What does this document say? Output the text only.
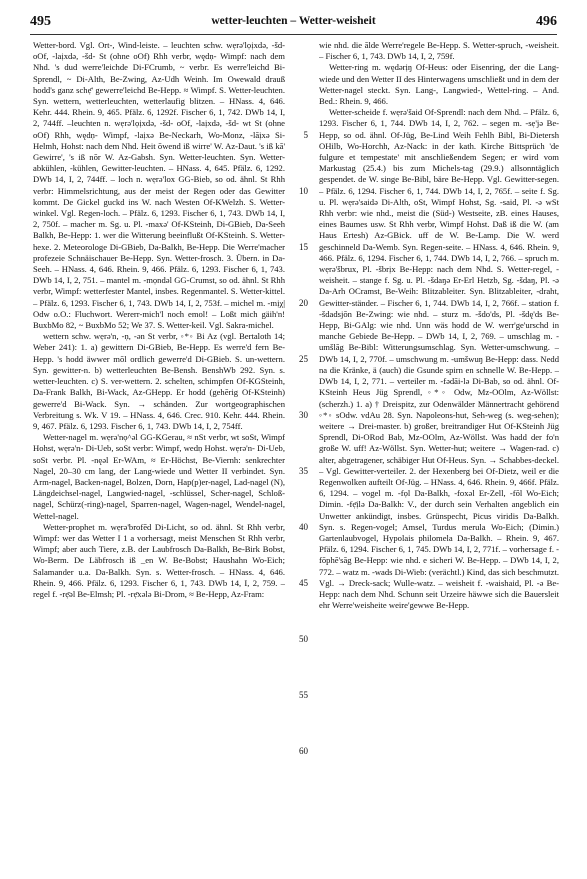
495	wetter-leuchten – Wetter-weisheit	496

Wetter-bord. Vgl. Ort-, Wind-leiste. – leuchten schw. wẹrə'lọịxdə, -šd- oOf, -laịxdə, -šd- St (ohne oOf) Rhh verbr, wędṇ- Wimpf: nach dem Nhd. 's dud werre'leichde Di-FCrumb, ~ verbr. Es werre'leichd Bi-Sprendl, ~ Di-Alth, Be-Zwing, Az-Udh Weinh. Im Owewald drauß hodd's ganz schẹ̄' gewerre'leichd Be-Hepp. ≈ Wimpf. S. Wetter-leuchten. Syn. wettern, wetterleuchten, wetterlaufig blitzen. – HNass. 4, 646. Kehr. 444. Rhein. 9, 465. Pfälz. 6, 1292f. Fischer 6, 1, 742. DWb 14, I, 2, 744ff. –leuchten n. wẹrə'lọịxdə, -šd- oOf, -laịxdə, -šd- wt St (ohne oOf) Rhh, wędṇ- Wimpf, -laịxə Be-Neckarh, Wo-Monz, -lāịxə Si-Helmh, Hohst: nach dem Nhd. Heit ōwend iß wirre' W. Az-Daut. 's iß kā' Gewirre', 's iß nōr W. Az-Gabsh. Syn. Wetter-leuchten. Syn. Wetter-abkühlen, -kühlen, Gewitter-leuchten. – HNass. 4, 645. Pfälz. 6, 1292. DWb 14, I, 2, 744ff. – loch n. wẹrə'lox GG-Bieb, so od. ähnl. St Rhh verbr: Himmelsrichtung, aus der meist der Regen oder das Gewitter kommt. De Gickel guckd ins W. nach Westen Of-KWelzh. S. Wetter-winkel. Vgl. Regen-loch. – Pfälz. 6, 1293. Fischer 6, 1, 743. DWb 14, I, 2, 750f. – macher m. Sg. u. Pl. -maxə' Of-KSteinh, Di-GBieb, Da-Seeh Balkh, Be-Hepp: 1. wer die Witterung beeinflußt Of-KSteinh. S. Wetter-hexe. 2. Meteorologe Di-GBieb, Da-Balkh, Be-Hepp. Die Werre'macher profezeie Schnäischauer Be-Hepp. Syn. Wetter-frosch. 3. Übern. in Da-Seeh. – HNass. 4, 646. Rhein. 9, 466. Pfälz. 6, 1293. Fischer 6, 1, 743. DWb 14, I, 2, 751. – mantel m. -mọndəl GG-Crumst, so od. ähnl. St Rhh verbr, Wimpf: wetterfester Mantel, insbes. Regenmantel. S. Wetter-kittel. – Pfälz. 6, 1293. Fischer 6, 1, 743. DWb 14, I, 2, 753f. – michel m. -mịχ| Odw o.O.: Fluchwort. Wererr-mich'l noch emol! – Loßt mich gäih'n! BuxbMo 82, ~ BuxbMo 52; We 37. S. Wetter-keil. Vgl. Sakra-michel.

wettern schw. wẹrə'n, -ṇ, -ən St verbr, ◦*◦ Bi Az (vgl. Bertaloth 14; Weber 241): 1. a) gewittern Di-GBieb, Be-Hepp. Es werre'd fern Be-Hepp. 's hodd äwwer mōl ordlich gewerre'd Di-GBieb. S. un-wettern. Syn. gewitter-n. b) wetterleuchten Be-Bensh. BenshWb 292. Syn. s. wetter-leuchten. c) S. ver-wettern. 2. schelten, schimpfen Of-KGSteinh, Da-Frank Balkh, Bi-Wack, Az-GHepp. Er hodd (gehērig Of-KSteinh) gewerre'd Bi-Wack. Syn. → schänden. Zur wortgeographischen Verbreitung s. Wk. V 19. – HNass. 4, 646. Crec. 910. Kehr. 444. Rhein. 9, 467. Pfälz. 6, 1293. Fischer 6, 1, 743. DWb 14, I, 2, 754ff.

Wetter-nagel m. wẹrə'nọ^əl GG-KGerau, ≈ nSt verbr, wt soSt, Wimpf Hohst, wẹrə'n- Di-Ueb, soSt verbr: Wimpf, wedṇ Hohst. wẹrə'n- Di-Ueb, soSt verbr. Pl. -nęəl Er-WAm, ≈ Er-Höchst, Be-Viernh: senkrechter Nagel, 20–30 cm lang, der Lang-wiede und Wetter II verbindet. Syn. Arm-nagel, Backen-nagel, Bolzen, Dorn, Hap(p)er-nagel, Lad-nagel (N), Längdeichsel-nagel, Langwied-nagel, -schlüssel, Scher-nagel, Schloß-nagel, Schürz(-ring)-nagel, Sparren-nagel, Wagen-nagel, Wendel-nagel, Wettel-nagel.

Wetter-prophet m. wẹrə'brofēd Di-Licht, so od. ähnl. St Rhh verbr, Wimpf: wer das Wetter I 1 a vorhersagt, meist Menschen St Rhh verbr, Wimpf; aber auch Tiere, z.B. der Laubfrosch Da-Balkh, Be-Birk Bobst, Wo-Berm. De Läbfrosch iß _en W. Be-Bobst; Haushahn Wo-Eich; Salamander u.a. Da-Balkh. Syn. s. Wetter-frosch. – HNass. 4, 646. Rhein. 9, 466. Pfälz. 6, 1293. Fischer 6, 1, 743. DWb 14, I, 2, 759. – regel f. -rẹ̄əl Be-Elmsh; Pl. -rẹ̄xələ Bi-Drom, ≈ Be-Hepp, Az-Fram:

5
10
15
20
25
30
35
40
45
50
55
60

wie nhd. die ālde Werre'regele Be-Hepp. S. Wetter-spruch, -weisheit. – Fischer 6, 1, 743. DWb 14, I, 2, 759f.

Wetter-ring m. wędərịŋ Of-Heus: oder Eisenring, der die Lang-wiede und den Wetter II des Hinterwagens umschließt und in dem der Wetter-nagel steckt. Syn. Lang-, Langwied-, Wettel-ring. – And. Bed.: Rhein. 9, 466.

Wetter-scheide f. wẹrə'šaid Of-Sprendl: nach dem Nhd. – Pfälz. 6, 1293. Fischer 6, 1, 744. DWb 14, I, 2, 762. – segen m. -sẹ'jə Be-Hepp, so od. ähnl. Of-Jüg, Be-Lind Weih Fehlh Bibl, Bi-Dietersh OHilb, Wo-Horchh, Az-Nack: in der kath. Kirche Bittsprüch 'de fulgure et tempestate' mit anschließendem Segen; er wird vom Markustag (25.4.) bis zum Michels-tag (29.9.) allsonntäglich gespendet. de W. singe Be-Bibl, bäre Be-Hepp. Vgl. Gewitter-segen. – Pfälz. 6, 1294. Fischer 6, 1, 744. DWb 14, I, 2, 765f. – seite f. Sg. u. Pl. wẹrə'saidə Di-Alth, oSt, Wimpf Hohst, Sg. -said, Pl. -ə wSt Rhh verbr: wie nhd., meist die (Süd-) Westseite, zB. eines Hauses, eines Baumes usw. St Rhh verbr, Wimpf Hohst. Daß iß die W. (am Haus Ertesh) Az-GBick. uff de W. Be-Lamp. Die W. werd geschinneld Da-Wemb. Syn. Regen-seite. – HNass. 4, 646. Rhein. 9, 466. Pfälz. 6, 1294. Fischer 6, 1, 744. DWb 14, I, 2, 766. – spruch m. wẹrə'šbrux, Pl. -šbrịx Be-Hepp: nach dem Nhd. S. Wetter-regel, -weisheit. – stange f. Sg. u. Pl. -šdaŋə Er-Erl Hetzb, Sg. -šdaŋ, Pl. -ə Da-Arh OCramst, Be-Weih: Blitzableiter. Syn. Blitzableiter, -draht, Gewitter-ständer. – Fischer 6, 1, 744. DWb 14, I, 2, 766f. – station f. -šdadsjōn Be-Zwing: wie nhd. – sturz m. -šdo'ds, Pl. -šdę'ds Be-Hepp, Bi-GAlg: wie nhd. Unn wäs hodd de W. werr'ge'urschd in manche Gebiede Be-Hepp. – DWb 14, I, 2, 769. – umschlag m. -umšlāg Be-Bibl: Witterungsumschlag. Syn. Wetter-umschwung. – DWb 14, I, 2, 770f. – umschwung m. -umšwuŋ Be-Hepp: dass. Nedd na die Kränke, ä (auch) die Gsunde spirn en schnelle W. Be-Hepp. – DWb 14, I, 2, 771. – verteiler m. -fədāi-lə Di-Bab, so od. ähnl. Of-KSteinh Heus Jüg Sprendl, ◦*◦ Odw, Mz-OOlm, Az-Wöllst: (scherzh.) 1. a) † Dreispitz, zur Odenwälder Männertracht gehörend ◦*◦ sOdw. vdAu 28. Syn. Napoleons-hut, Seh-weg (s. weg-sehen); weitere → Drei-master. b) großer, breitrandiger Hut Of-KSteinh Jüg Sprendl, Di-ORod Bab, Mz-OOlm, Az-Wöllst. Was hadd der fo'n große W. uff! Az-Wöllst. Syn. Wetter-hut; weitere → Wagen-rad. c) alter, abgetragener, schäbiger Hut Of-Heus. Syn. → Schabbes-deckel. – Vgl. Gewitter-verteiler. 2. der Hexenberg bei Of-Dietz, weil er die Regenwolken aufteilt Of-Jüg. – HNass. 4, 646. Rhein. 9, 466f. Pfälz. 6, 1294. – vogel m. -fọl Da-Balkh, -foxəl Er-Zell, -fōl Wo-Eich; Dimin. -fẹ̄ịlə Da-Balkh: V., der durch sein Verhalten angeblich ein Unwetter ankündigt, insbes. Grünspecht, Picus viridis Da-Balkh. Syn. s. Regen-vogel; Amsel, Turdus merula Wo-Eich; (Dimin.) Gartenlaubvogel, Hypolais philomela Da-Balkh. – Rhein. 9, 467. Pfälz. 6, 1294. Fischer 6, 1, 745. DWb 14, I, 2, 771f. – vorhersage f. -fōphē'sāg Be-Hepp: wie nhd. e sicheri W. Be-Hepp. – DWb 14, I, 2, 772. – watz m. -wads Di-Wieb: (verächtl.) Kind, das sich beschmutzt. Vgl. → Dreck-sack; Wulle-watz. – weisheit f. -waishaid, Pl. -ə Be-Hepp: nach dem Nhd. Schunn seit Urzeire häwwe sich die Bauersleit ehr Werre'weisheite weire'gewwe Be-Hepp.
